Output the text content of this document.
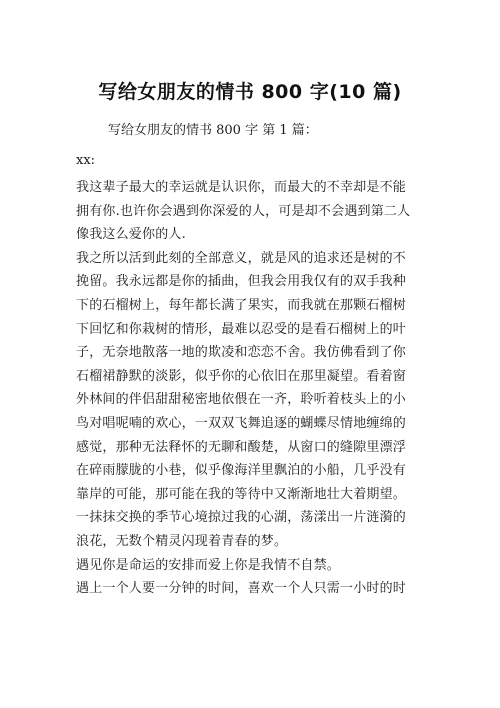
写给女朋友的情书 800 字(10 篇)
写给女朋友的情书 800 字 第 1 篇：
xx:
我这辈子最大的幸运就是认识你，而最大的不幸却是不能
拥有你.也许你会遇到你深爱的人，可是却不会遇到第二人
像我这么爱你的人.
我之所以活到此刻的全部意义，就是风的追求还是树的不
挽留。我永远都是你的插曲，但我会用我仅有的双手我种
下的石榴树上，每年都长满了果实，而我就在那颗石榴树
下回忆和你栽树的情形，最难以忍受的是看石榴树上的叶
子，无奈地散落一地的欺凌和恋恋不舍。我仿佛看到了你
石榴裙静默的淡影，似乎你的心依旧在那里凝望。看着窗
外林间的伴侣甜甜秘密地依偎在一齐，聆听着枝头上的小
鸟对唱呢喃的欢心，一双双飞舞追逐的蝴蝶尽情地缠绵的
感觉，那种无法释怀的无聊和酸楚，从窗口的缝隙里漂浮
在碎雨朦胧的小巷，似乎像海洋里飘泊的小船，几乎没有
靠岸的可能，那可能在我的等待中又渐渐地壮大着期望。
一抹抹交换的季节心境掠过我的心湖，荡漾出一片涟漪的
浪花，无数个精灵闪现着青春的梦。
遇见你是命运的安排而爱上你是我情不自禁。
遇上一个人要一分钟的时间，喜欢一个人只需一小时的时
